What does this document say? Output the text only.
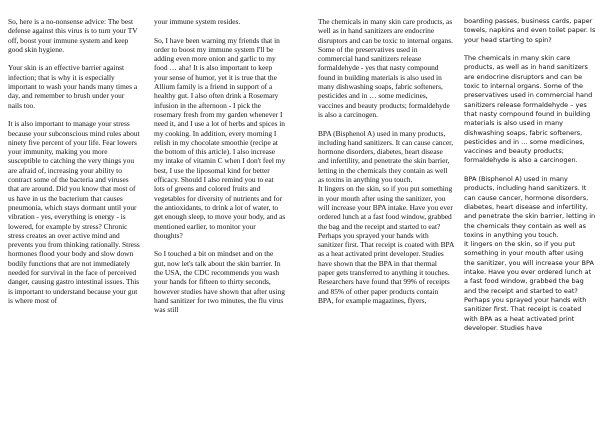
So, here is a no-nonsense advice: The best defense against this virus is to turn your TV off, boost your immune system and keep good skin hygiene.

Your skin is an effective barrier against infection; that is why it is especially important to wash your hands many times a day, and remember to brush under your nails too.

It is also important to manage your stress because your subconscious mind rules about ninety five percent of your life. Fear lowers your immunity, making you more susceptible to catching the very things you are afraid of, increasing your ability to contract some of the bacteria and viruses that are around. Did you know that most of us have in us the bacterium that causes pneumonia, which stays dormant until your vibration - yes, everything is energy - is lowered, for example by stress? Chronic stress creates an over active mind and prevents you from thinking rationally. Stress hormones flood your body and slow down bodily functions that are not immediately needed for survival in the face of perceived danger, causing gastro intestinal issues. This is important to understand because your gut is where most of

your immune system resides.

So, I have been warning my friends that in order to boost my immune system I'll be adding even more onion and garlic to my food … aha! It is also important to keep your sense of humor, yet it is true that the Allium family is a friend in support of a healthy gut. I also often drink a Rosemary infusion in the afternoon - I pick the rosemary fresh from my garden whenever I need it, and I use a lot of herbs and spices in my cooking. In addition, every morning I relish in my chocolate smoothie (recipe at the bottom of this article). I also increase my intake of vitamin C when I don't feel my best, I use the liposomal kind for better efficacy. Should I also remind you to eat lots of greens and colored fruits and vegetables for diversity of nutrients and for the antioxidants, to drink a lot of water, to get enough sleep, to move your body, and as mentioned earlier, to monitor your thoughts?

So I touched a bit on mindset and on the gut, now let's talk about the skin barrier. In the USA, the CDC recommends you wash your hands for fifteen to thirty seconds, however studies have shown that after using hand sanitizer for two minutes, the flu virus was still

The chemicals in many skin care products, as well as in hand sanitizers are endocrine disruptors and can be toxic to internal organs. Some of the preservatives used in commercial hand sanitizers release formaldehyde - yes that nasty compound found in building materials is also used in many dishwashing soaps, fabric softeners, pesticides and in … some medicines, vaccines and beauty products; formaldehyde is also a carcinogen.

BPA (Bisphenol A) used in many products, including hand sanitizers. It can cause cancer, hormone disorders, diabetes, heart disease and infertility, and penetrate the skin barrier, letting in the chemicals they contain as well as toxins in anything you touch.
It lingers on the skin, so if you put something in your mouth after using the sanitizer, you will increase your BPA intake. Have you ever ordered lunch at a fast food window, grabbed the bag and the receipt and started to eat? Perhaps you sprayed your hands with sanitizer first. That receipt is coated with BPA as a heat activated print developer. Studies have shown that the BPA in that thermal paper gets transferred to anything it touches. Researchers have found that 99% of receipts and 85% of other paper products contain BPA, for example magazines, flyers,

boarding passes, business cards, paper towels, napkins and even toilet paper. Is your head starting to spin?

The chemicals in many skin care products, as well as in hand sanitizers are endocrine disruptors and can be toxic to internal organs. Some of the preservatives used in commercial hand sanitizers release formaldehyde – yes that nasty compound found in building materials is also used in many dishwashing soaps, fabric softeners, pesticides and in … some medicines, vaccines and beauty products; formaldehyde is also a carcinogen.

BPA (Bisphenol A) used in many products, including hand sanitizers. It can cause cancer, hormone disorders, diabetes, heart disease and infertility, and penetrate the skin barrier, letting in the chemicals they contain as well as toxins in anything you touch.
It lingers on the skin, so if you put something in your mouth after using the sanitizer, you will increase your BPA intake. Have you ever ordered lunch at a fast food window, grabbed the bag and the receipt and started to eat? Perhaps you sprayed your hands with sanitizer first. That receipt is coated with BPA as a heat activated print developer. Studies have
